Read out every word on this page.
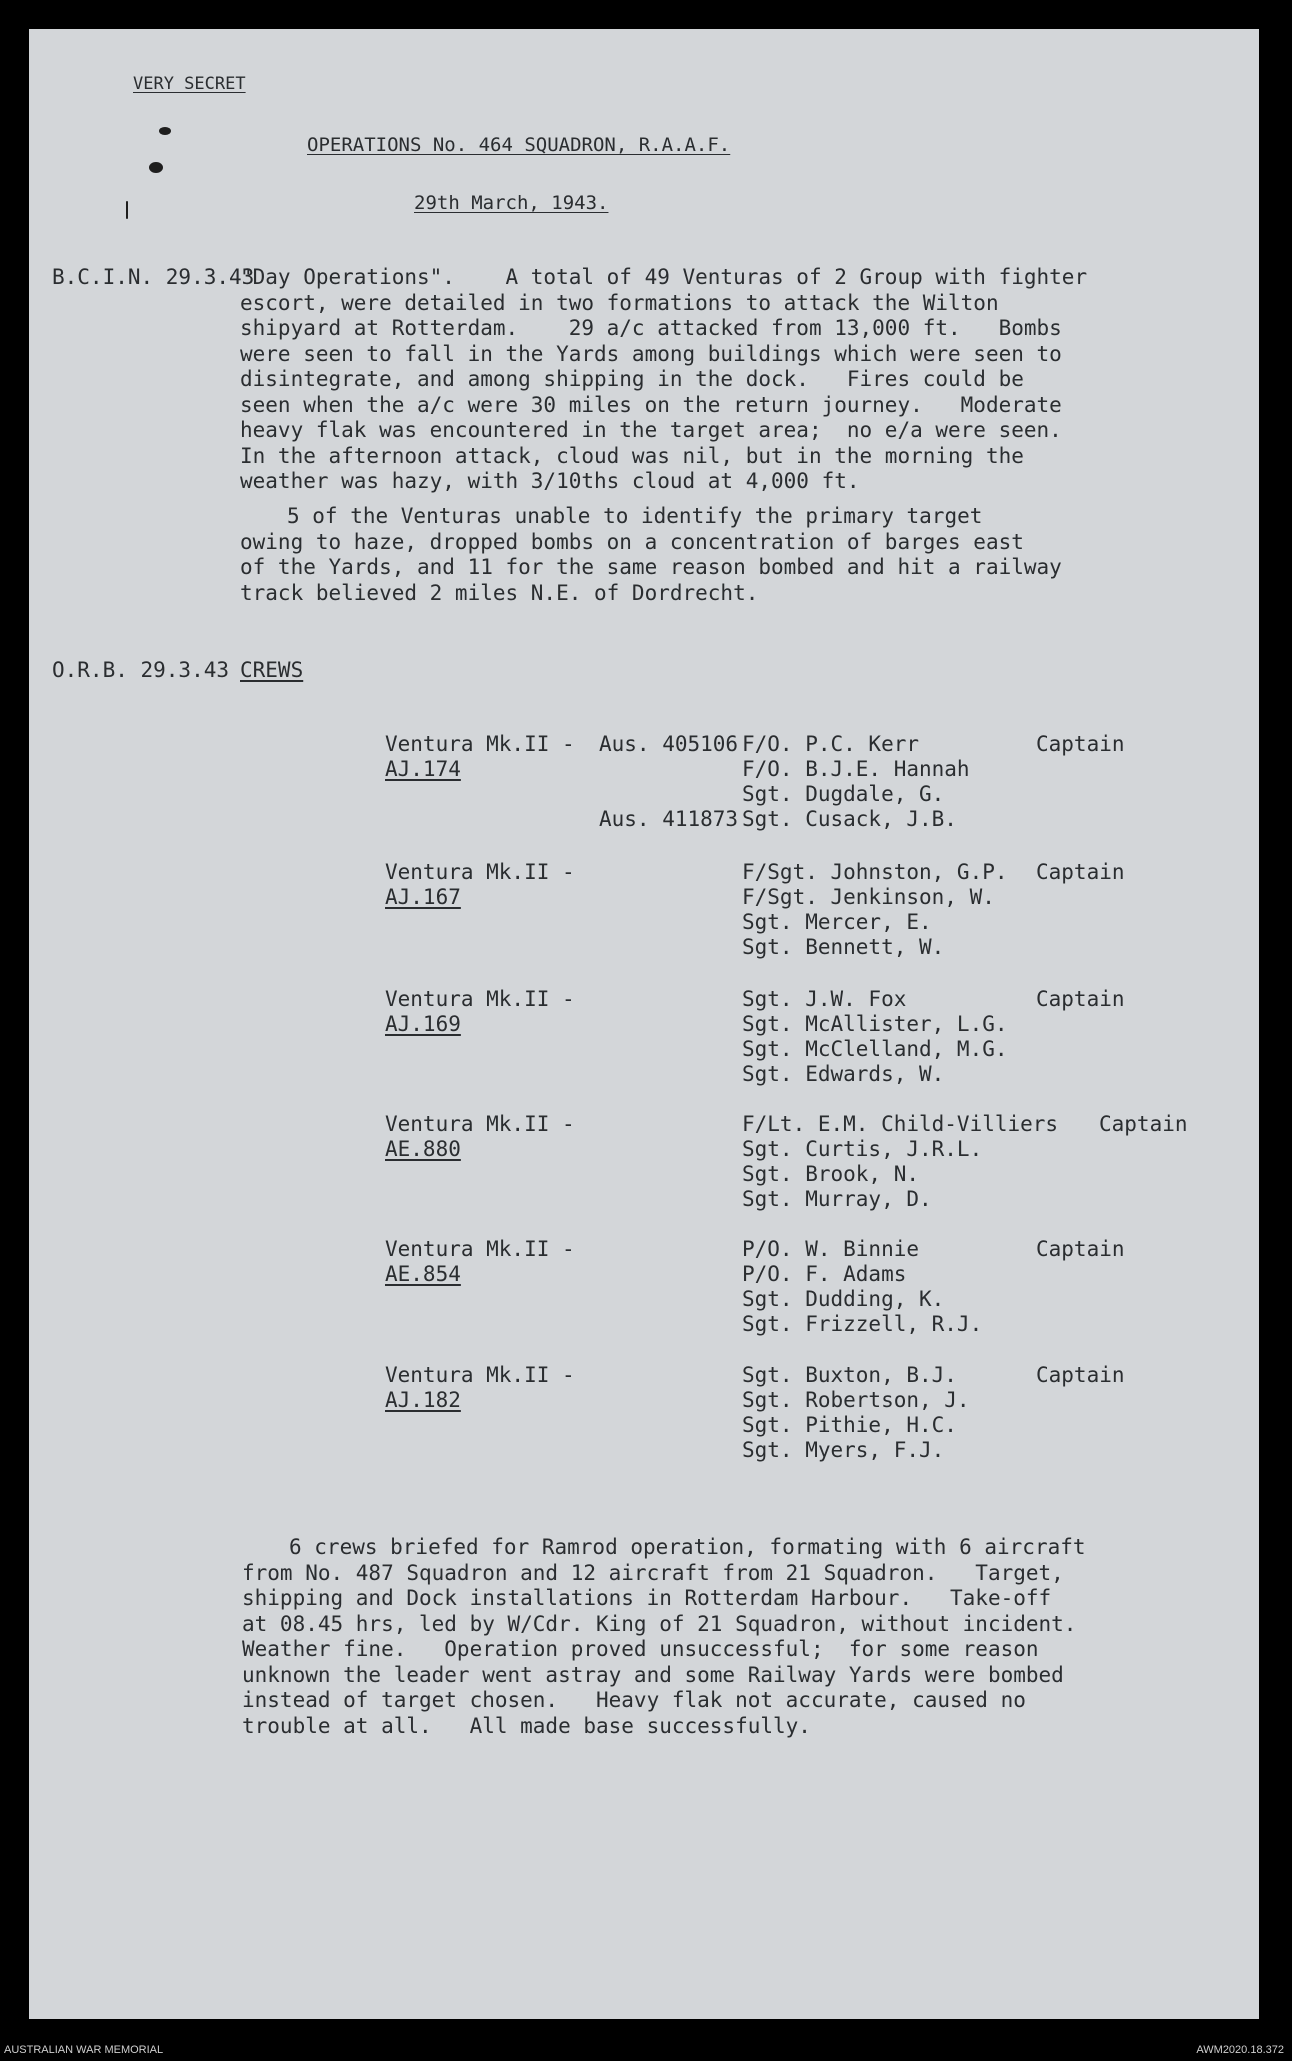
VERY SECRET
OPERATIONS No. 464 SQUADRON, R.A.A.F.
29th March, 1943.
B.C.I.N. 29.3.43
"Day Operations".    A total of 49 Venturas of 2 Group with fighter
escort, were detailed in two formations to attack the Wilton
shipyard at Rotterdam.    29 a/c attacked from 13,000 ft.   Bombs
were seen to fall in the Yards among buildings which were seen to
disintegrate, and among shipping in the dock.   Fires could be
seen when the a/c were 30 miles on the return journey.   Moderate
heavy flak was encountered in the target area;  no e/a were seen.
In the afternoon attack, cloud was nil, but in the morning the
weather was hazy, with 3/10ths cloud at 4,000 ft.
5 of the Venturas unable to identify the primary target
owing to haze, dropped bombs on a concentration of barges east
of the Yards, and 11 for the same reason bombed and hit a railway
track believed 2 miles N.E. of Dordrecht.
O.R.B. 29.3.43 CREWS
Ventura Mk.II -
AJ.174
Aus. 405106 F/O. P.C. Kerr	Captain
F/O. B.J.E. Hannah
Sgt. Dugdale, G.
Aus. 411873 Sgt. Cusack, J.B.
Ventura Mk.II -
AJ.167
F/Sgt. Johnston, G.P. Captain
F/Sgt. Jenkinson, W.
Sgt. Mercer, E.
Sgt. Bennett, W.
Ventura Mk.II -
AJ.169
Sgt. J.W. Fox	Captain
Sgt. McAllister, L.G.
Sgt. McClelland, M.G.
Sgt. Edwards, W.
Ventura Mk.II -
AE.880
F/Lt. E.M. Child-Villiers Captain
Sgt. Curtis, J.R.L.
Sgt. Brook, N.
Sgt. Murray, D.
Ventura Mk.II -
AE.854
P/O. W. Binnie	Captain
P/O. F. Adams
Sgt. Dudding, K.
Sgt. Frizzell, R.J.
Ventura Mk.II -
AJ.182
Sgt. Buxton, B.J.	Captain
Sgt. Robertson, J.
Sgt. Pithie, H.C.
Sgt. Myers, F.J.
6 crews briefed for Ramrod operation, formating with 6 aircraft
from No. 487 Squadron and 12 aircraft from 21 Squadron.   Target,
shipping and Dock installations in Rotterdam Harbour.   Take-off
at 08.45 hrs, led by W/Cdr. King of 21 Squadron, without incident.
Weather fine.   Operation proved unsuccessful;  for some reason
unknown the leader went astray and some Railway Yards were bombed
instead of target chosen.   Heavy flak not accurate, caused no
trouble at all.   All made base successfully.
AUSTRALIAN WAR MEMORIAL	AWM2020.18.372
